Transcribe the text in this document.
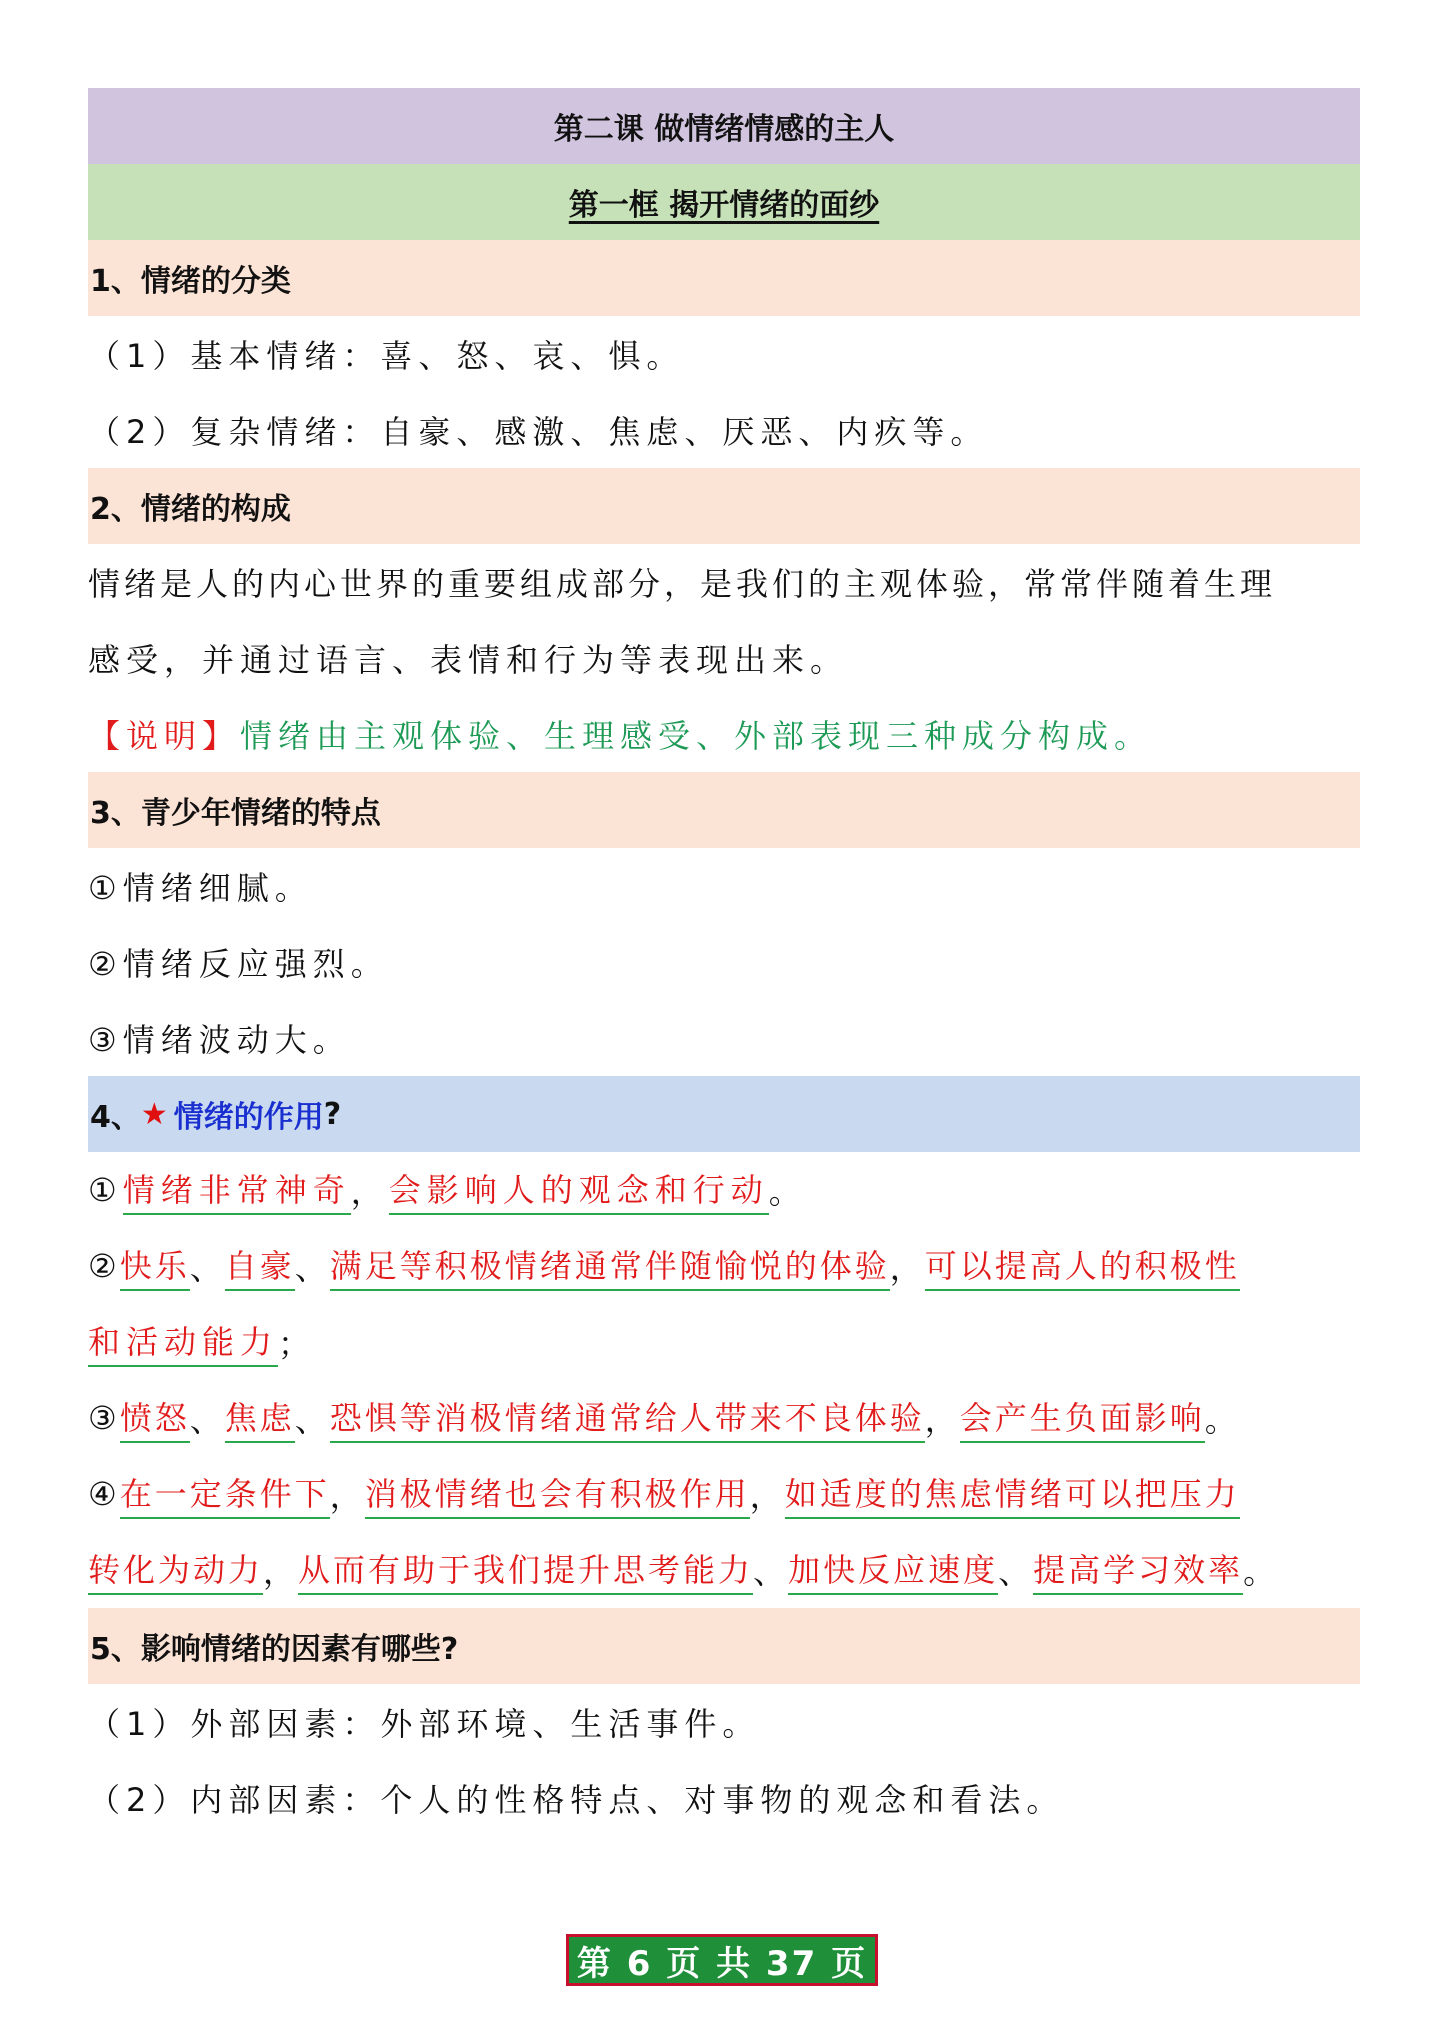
第二课 做情绪情感的主人
第一框 揭开情绪的面纱
1、情绪的分类
（1）基本情绪：喜、怒、哀、惧。
（2）复杂情绪：自豪、感激、焦虑、厌恶、内疚等。
2、情绪的构成
情绪是人的内心世界的重要组成部分，是我们的主观体验，常常伴随着生理
感受，并通过语言、表情和行为等表现出来。
【说明】 情绪由主观体验、生理感受、外部表现三种成分构成。
3、青少年情绪的特点
①情绪细腻。
②情绪反应强烈。
③情绪波动大。
4、 ★ 情绪的作用 ?
① 情绪非常神奇 ， 会影响人的观念和行动 。
② 快乐 、 自豪 、 满足等积极情绪通常伴随愉悦的体验 ， 可以提高人的积极性
和活动能力 ；
③ 愤怒 、 焦虑 、 恐惧等消极情绪通常给人带来不良体验 ， 会产生负面影响 。
④ 在一定条件下 ， 消极情绪也会有积极作用 ， 如适度的焦虑情绪可以把压力
转化为动力 ， 从而有助于我们提升思考能力 、 加快反应速度 、 提高学习效率 。
5、影响情绪的因素有哪些?
（1）外部因素：外部环境、生活事件。
（2）内部因素：个人的性格特点、对事物的观念和看法。
第 6 页 共 37 页
